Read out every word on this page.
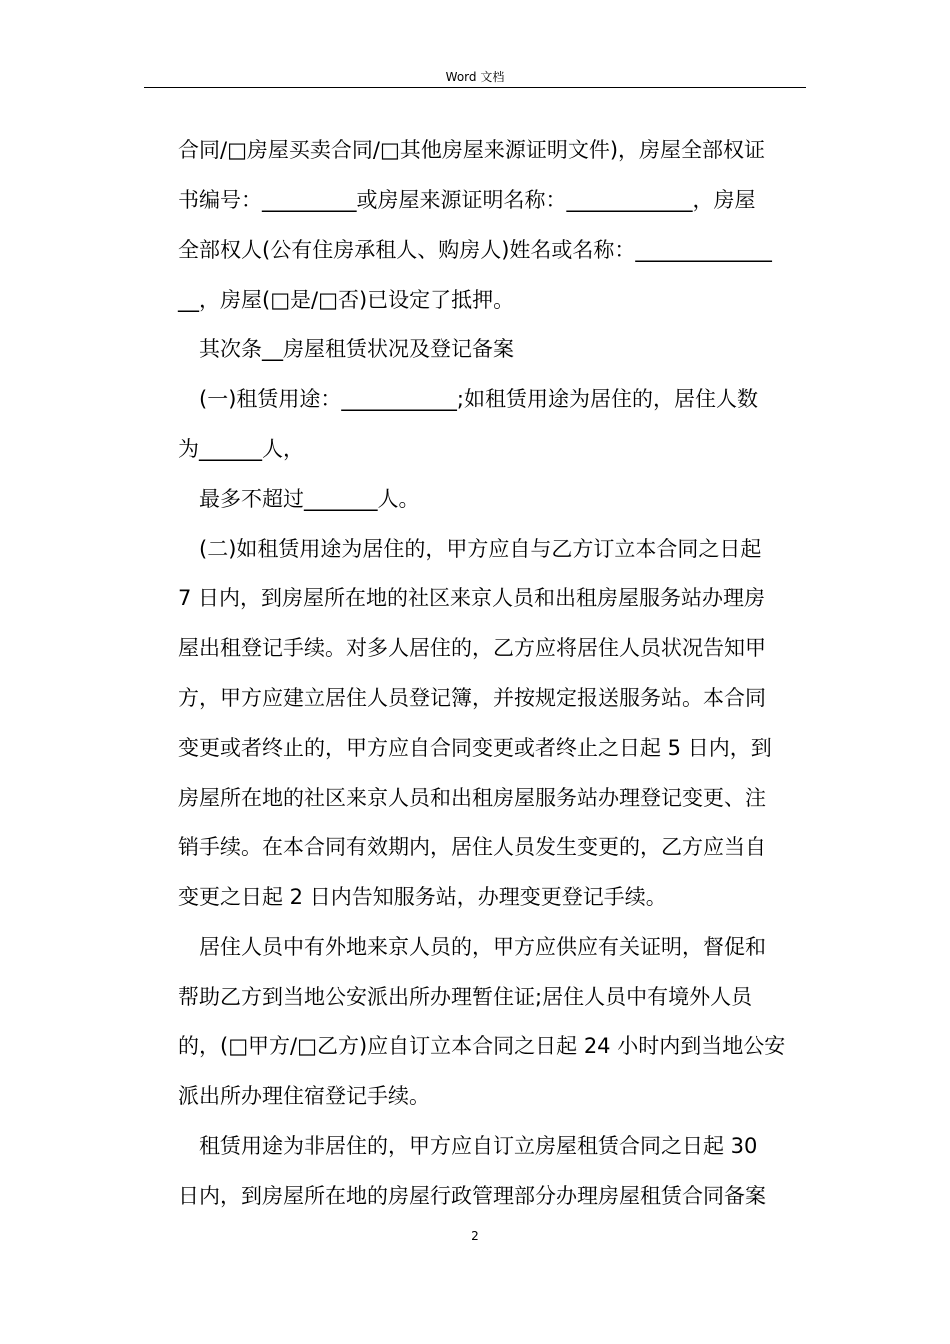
Word 文档
合同/□房屋买卖合同/□其他房屋来源证明文件)，房屋全部权证
书编号：_________或房屋来源证明名称：____________，房屋
全部权人(公有住房承租人、购房人)姓名或名称：_____________
__，房屋(□是/□否)已设定了抵押。
其次条__房屋租赁状况及登记备案
(一)租赁用途：___________;如租赁用途为居住的，居住人数
为______人，
最多不超过_______人。
(二)如租赁用途为居住的，甲方应自与乙方订立本合同之日起
7 日内，到房屋所在地的社区来京人员和出租房屋服务站办理房
屋出租登记手续。对多人居住的，乙方应将居住人员状况告知甲
方，甲方应建立居住人员登记簿，并按规定报送服务站。本合同
变更或者终止的，甲方应自合同变更或者终止之日起 5 日内，到
房屋所在地的社区来京人员和出租房屋服务站办理登记变更、注
销手续。在本合同有效期内，居住人员发生变更的，乙方应当自
变更之日起 2 日内告知服务站，办理变更登记手续。
居住人员中有外地来京人员的，甲方应供应有关证明，督促和
帮助乙方到当地公安派出所办理暂住证;居住人员中有境外人员
的，(□甲方/□乙方)应自订立本合同之日起 24 小时内到当地公安
派出所办理住宿登记手续。
租赁用途为非居住的，甲方应自订立房屋租赁合同之日起 30
日内，到房屋所在地的房屋行政管理部分办理房屋租赁合同备案
2
